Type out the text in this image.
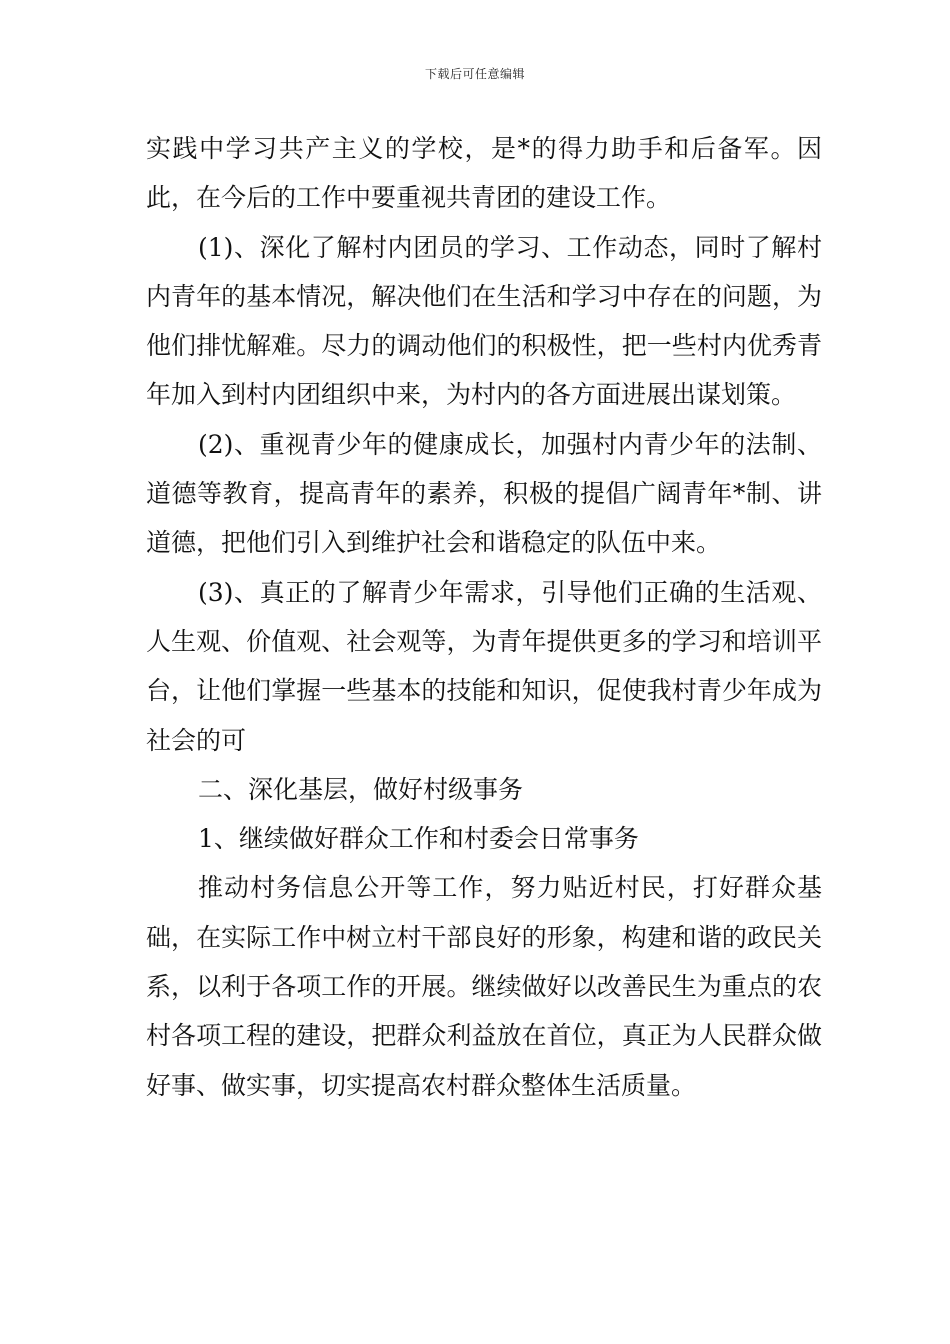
下载后可任意编辑

实践中学习共产主义的学校，是*的得力助手和后备军。因此，在今后的工作中要重视共青团的建设工作。

(1)、深化了解村内团员的学习、工作动态，同时了解村内青年的基本情况，解决他们在生活和学习中存在的问题，为他们排忧解难。尽力的调动他们的积极性，把一些村内优秀青年加入到村内团组织中来，为村内的各方面进展出谋划策。

(2)、重视青少年的健康成长，加强村内青少年的法制、道德等教育，提高青年的素养，积极的提倡广阔青年*制、讲道德，把他们引入到维护社会和谐稳定的队伍中来。

(3)、真正的了解青少年需求，引导他们正确的生活观、人生观、价值观、社会观等，为青年提供更多的学习和培训平台，让他们掌握一些基本的技能和知识，促使我村青少年成为社会的可

二、深化基层，做好村级事务

1、继续做好群众工作和村委会日常事务

推动村务信息公开等工作，努力贴近村民，打好群众基础，在实际工作中树立村干部良好的形象，构建和谐的政民关系，以利于各项工作的开展。继续做好以改善民生为重点的农村各项工程的建设，把群众利益放在首位，真正为人民群众做好事、做实事，切实提高农村群众整体生活质量。
